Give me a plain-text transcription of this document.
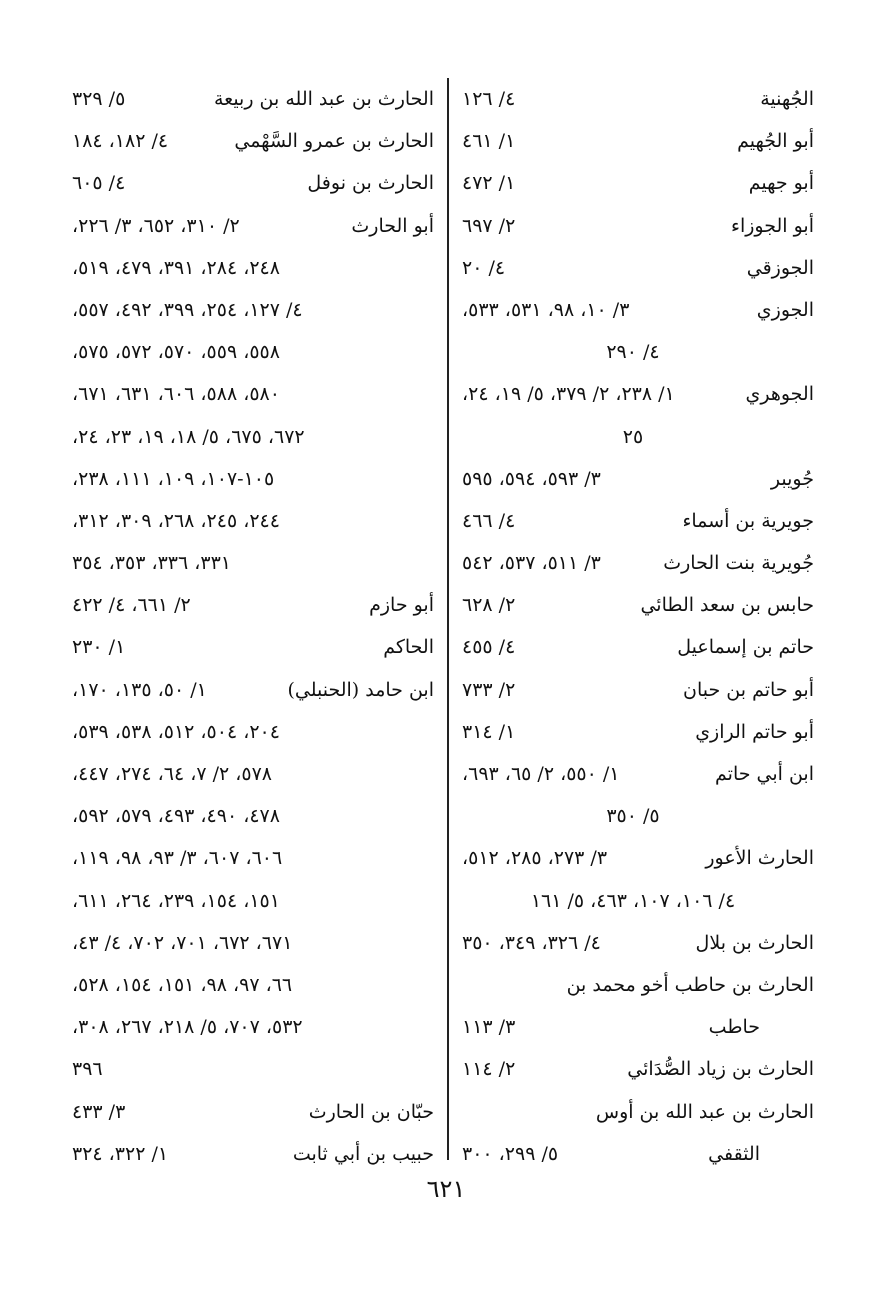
الجُهنية
٤/ ١٢٦
أبو الجُهيم
١/ ٤٦١
أبو جهيم
١/ ٤٧٢
أبو الجوزاء
٢/ ٦٩٧
الجوزقي
٤/ ٢٠
الجوزي
٣/ ١٠، ٩٨، ٥٣١، ٥٣٣،
٤/ ٢٩٠
الجوهري
١/ ٢٣٨، ٢/ ٣٧٩، ٥/ ١٩، ٢٤،
٢٥
جُويبر
٣/ ٥٩٣، ٥٩٤، ٥٩٥
جويرية بن أسماء
٤/ ٤٦٦
جُويرية بنت الحارث
٣/ ٥١١، ٥٣٧، ٥٤٢
حابس بن سعد الطائي
٢/ ٦٢٨
حاتم بن إسماعيل
٤/ ٤٥٥
أبو حاتم بن حبان
٢/ ٧٣٣
أبو حاتم الرازي
١/ ٣١٤
ابن أبي حاتم
١/ ٥٥٠، ٢/ ٦٥، ٦٩٣،
٥/ ٣٥٠
الحارث الأعور
٣/ ٢٧٣، ٢٨٥، ٥١٢،
٤/ ١٠٦، ١٠٧، ٤٦٣، ٥/ ١٦١
الحارث بن بلال
٤/ ٣٢٦، ٣٤٩، ٣٥٠
الحارث بن حاطب أخو محمد بن
حاطب
٣/ ١١٣
الحارث بن زياد الصُّدَائي
٢/ ١١٤
الحارث بن عبد الله بن أوس
الثقفي
٥/ ٢٩٩، ٣٠٠
الحارث بن عبد الله بن ربيعة
٥/ ٣٢٩
الحارث بن عمرو السَّهْمي
٤/ ١٨٢، ١٨٤
الحارث بن نوفل
٤/ ٦٠٥
أبو الحارث
٢/ ٣١٠، ٦٥٢، ٣/ ٢٢٦،
٢٤٨، ٢٨٤، ٣٩١، ٤٧٩، ٥١٩،
٤/ ١٢٧، ٢٥٤، ٣٩٩، ٤٩٢، ٥٥٧،
٥٥٨، ٥٥٩، ٥٧٠، ٥٧٢، ٥٧٥،
٥٨٠، ٥٨٨، ٦٠٦، ٦٣١، ٦٧١،
٦٧٢، ٦٧٥، ٥/ ١٨، ١٩، ٢٣، ٢٤،
١٠٥-١٠٧، ١٠٩، ١١١، ٢٣٨،
٢٤٤، ٢٤٥، ٢٦٨، ٣٠٩، ٣١٢،
٣٣١، ٣٣٦، ٣٥٣، ٣٥٤
أبو حازم
٢/ ٦٦١، ٤/ ٤٢٢
الحاكم
١/ ٢٣٠
ابن حامد (الحنبلي)
١/ ٥٠، ١٣٥، ١٧٠،
٢٠٤، ٥٠٤، ٥١٢، ٥٣٨، ٥٣٩،
٥٧٨، ٢/ ٧، ٦٤، ٢٧٤، ٤٤٧،
٤٧٨، ٤٩٠، ٤٩٣، ٥٧٩، ٥٩٢،
٦٠٦، ٦٠٧، ٣/ ٩٣، ٩٨، ١١٩،
١٥١، ١٥٤، ٢٣٩، ٢٦٤، ٦١١،
٦٧١، ٦٧٢، ٧٠١، ٧٠٢، ٤/ ٤٣،
٦٦، ٩٧، ٩٨، ١٥١، ١٥٤، ٥٢٨،
٥٣٢، ٧٠٧، ٥/ ٢١٨، ٢٦٧، ٣٠٨،
٣٩٦
حبّان بن الحارث
٣/ ٤٣٣
حبيب بن أبي ثابت
١/ ٣٢٢، ٣٢٤
٦٢١
